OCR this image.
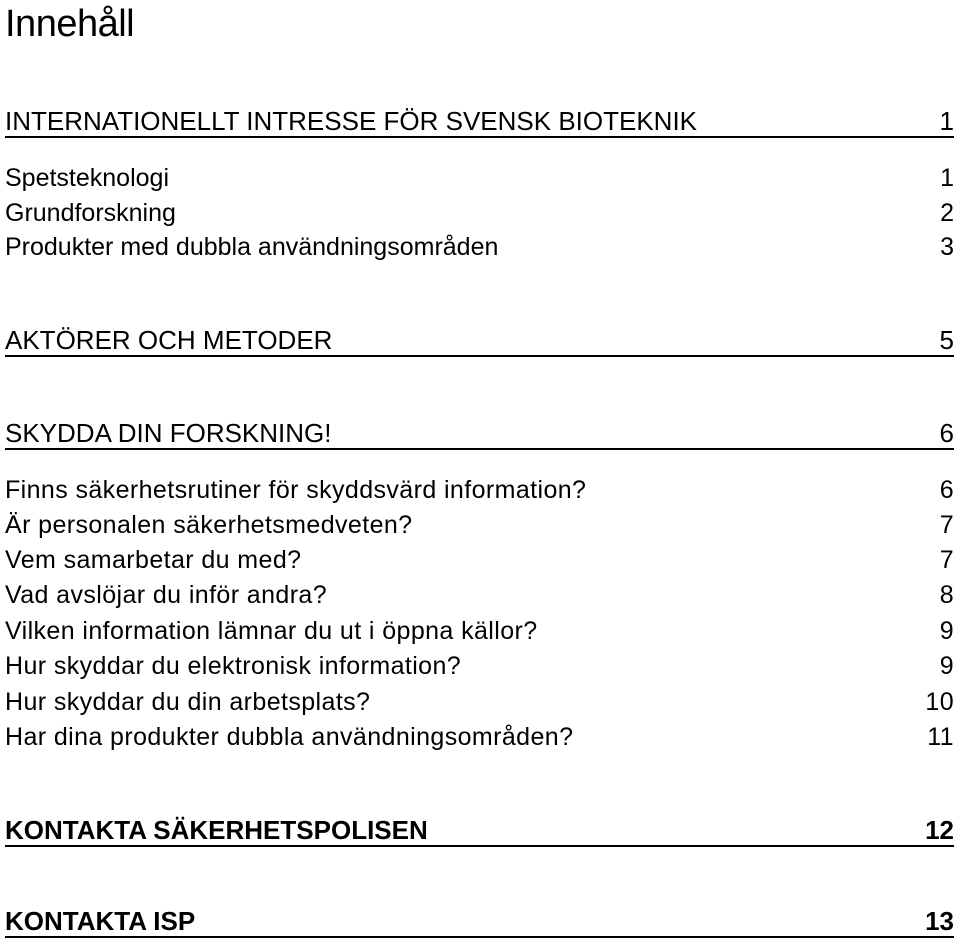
Innehåll
INTERNATIONELLT INTRESSE FÖR SVENSK BIOTEKNIK	1
Spetsteknologi	1
Grundforskning	2
Produkter med dubbla användningsområden	3
AKTÖRER OCH METODER	5
SKYDDA DIN FORSKNING!	6
Finns säkerhetsrutiner för skyddsvärd information?	6
Är personalen säkerhetsmedveten?	7
Vem samarbetar du med?	7
Vad avslöjar du inför andra?	8
Vilken information lämnar du ut i öppna källor?	9
Hur skyddar du elektronisk information?	9
Hur skyddar du din arbetsplats?	10
Har dina produkter dubbla användningsområden?	11
KONTAKTA SÄKERHETSPOLISEN	12
KONTAKTA ISP	13
